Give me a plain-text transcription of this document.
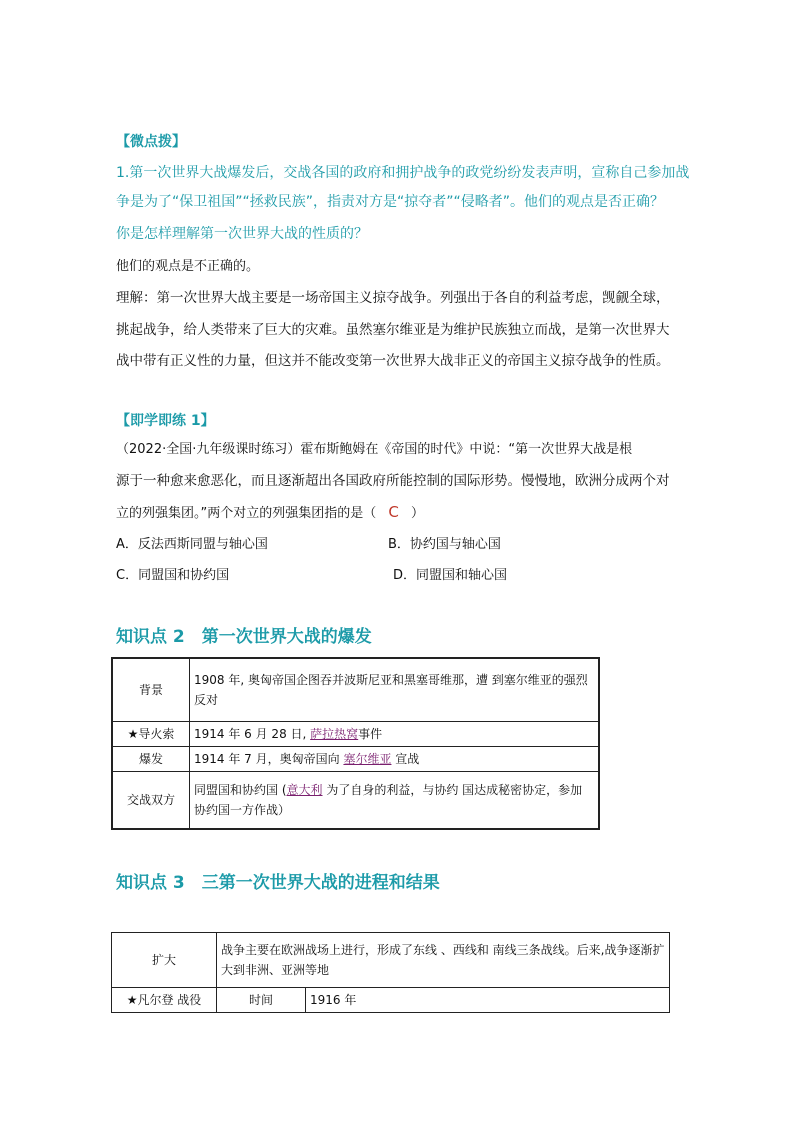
【微点拨】
1.第一次世界大战爆发后，交战各国的政府和拥护战争的政党纷纷发表声明，宣称自己参加战
争是为了“保卫祖国”“拯救民族”，指责对方是“掠夺者”“侵略者”。他们的观点是否正确？
你是怎样理解第一次世界大战的性质的？
他们的观点是不正确的。
理解：第一次世界大战主要是一场帝国主义掠夺战争。列强出于各自的利益考虑，觊觎全球，
挑起战争，给人类带来了巨大的灾难。虽然塞尔维亚是为维护民族独立而战，是第一次世界大
战中带有正义性的力量，但这并不能改变第一次世界大战非正义的帝国主义掠夺战争的性质。
【即学即练 1】
（2022·全国·九年级课时练习）霍布斯鲍姆在《帝国的时代》中说：“第一次世界大战是根
源于一种愈来愈恶化，而且逐渐超出各国政府所能控制的国际形势。慢慢地，欧洲分成两个对
立的列强集团。”两个对立的列强集团指的是（ C ）
A．反法西斯同盟与轴心国	B．协约国与轴心国
C．同盟国和协约国	D．同盟国和轴心国
知识点 2　第一次世界大战的爆发
背景	1908 年, 奥匈帝国企图吞并波斯尼亚和黑塞哥维那，遭 到塞尔维亚的强烈反对
★导火索	1914 年 6 月 28 日, 萨拉热窝事件
爆发	1914 年 7 月，奥匈帝国向 塞尔维亚 宣战
交战双方	同盟国和协约国 (意大利 为了自身的利益，与协约 国达成秘密协定，参加协约国一方作战）
知识点 3　三第一次世界大战的进程和结果
扩大	战争主要在欧洲战场上进行，形成了东线 、西线和 南线三条战线。后来,战争逐渐扩大到非洲、亚洲等地	
★凡尔登 战役	时间	1916 年
